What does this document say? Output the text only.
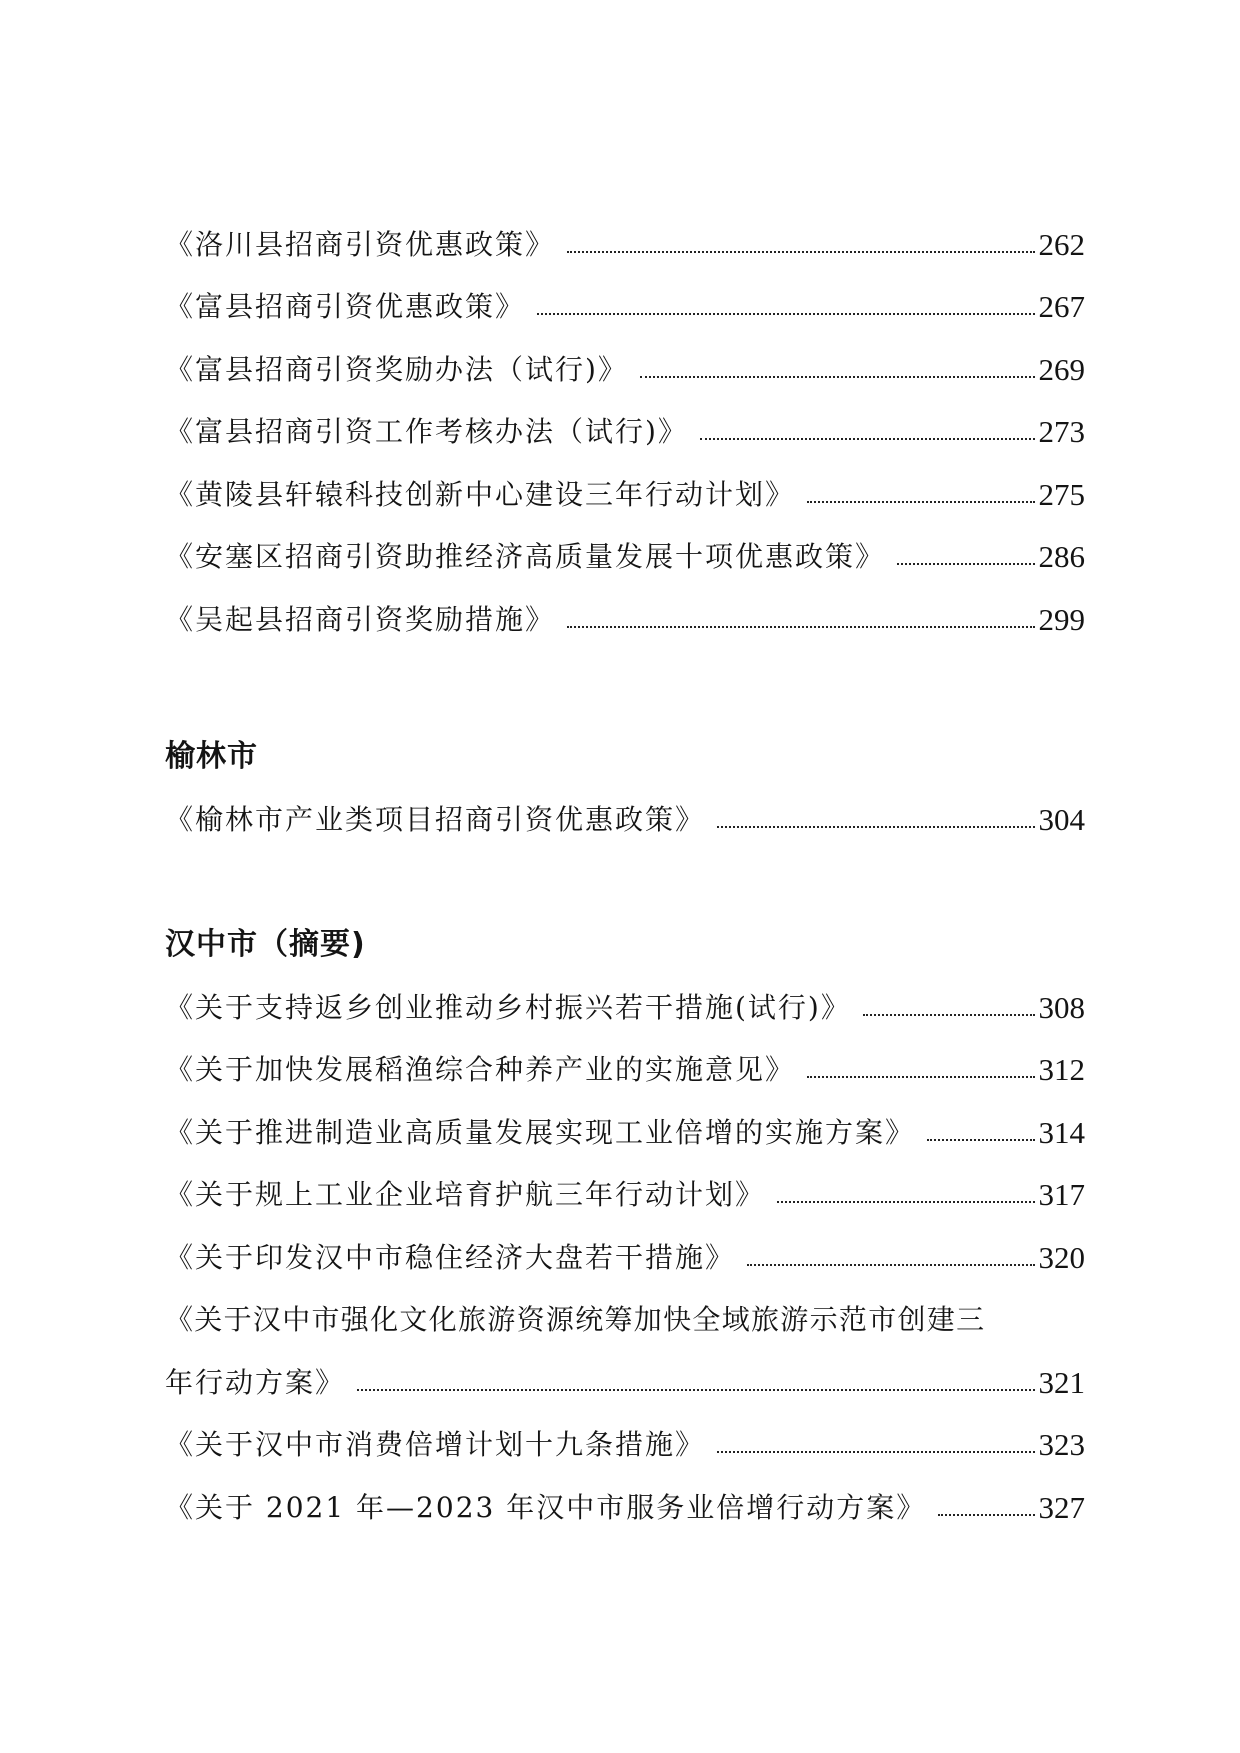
《洛川县招商引资优惠政策》	262
《富县招商引资优惠政策》	267
《富县招商引资奖励办法（试行)》	269
《富县招商引资工作考核办法（试行)》	273
《黄陵县轩辕科技创新中心建设三年行动计划》	275
《安塞区招商引资助推经济高质量发展十项优惠政策》	286
《吴起县招商引资奖励措施》	299
榆林市
《榆林市产业类项目招商引资优惠政策》	304
汉中市（摘要)
《关于支持返乡创业推动乡村振兴若干措施(试行)》	308
《关于加快发展稻渔综合种养产业的实施意见》	312
《关于推进制造业高质量发展实现工业倍增的实施方案》	314
《关于规上工业企业培育护航三年行动计划》	317
《关于印发汉中市稳住经济大盘若干措施》	320
《关于汉中市强化文化旅游资源统筹加快全域旅游示范市创建三
年行动方案》	321
《关于汉中市消费倍增计划十九条措施》	323
《关于 2021 年—2023 年汉中市服务业倍增行动方案》	327
